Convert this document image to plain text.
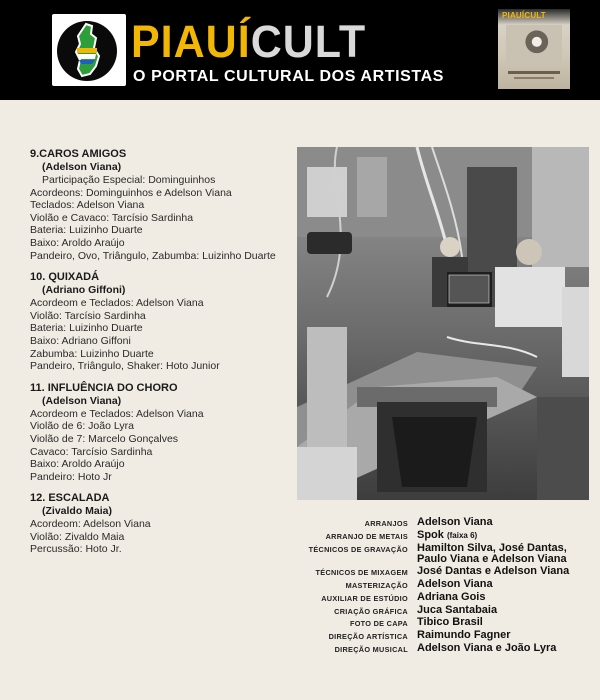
PIAUÍCULT
O PORTAL CULTURAL DOS ARTISTAS
PIAUÍCULT
9.CAROS AMIGOS
(Adelson Viana)
Participação Especial: Dominguinhos
Acordeons: Dominguinhos e Adelson Viana
Teclados: Adelson Viana
Violão e Cavaco: Tarcísio Sardinha
Bateria: Luizinho Duarte
Baixo: Aroldo Araújo
Pandeiro, Ovo, Triângulo, Zabumba: Luizinho Duarte
10. QUIXADÁ
(Adriano Giffoni)
Acordeom e Teclados: Adelson Viana
Violão: Tarcísio Sardinha
Bateria: Luizinho Duarte
Baixo: Adriano Giffoni
Zabumba: Luizinho Duarte
Pandeiro, Triângulo, Shaker: Hoto Junior
11. INFLUÊNCIA DO CHORO
(Adelson Viana)
Acordeom e Teclados: Adelson Viana
Violão de 6: João Lyra
Violão de 7: Marcelo Gonçalves
Cavaco: Tarcísio Sardinha
Baixo: Aroldo Araújo
Pandeiro: Hoto Jr
12. ESCALADA
(Zivaldo Maia)
Acordeom: Adelson Viana
Violão: Zivaldo Maia
Percussão: Hoto Jr.
ARRANJOS Adelson Viana
ARRANJO DE METAIS Spok (faixa 6)
TÉCNICOS DE GRAVAÇÃO Hamilton Silva, José Dantas, Paulo Viana e Adelson Viana
TÉCNICOS DE MIXAGEM José Dantas e Adelson Viana
MASTERIZAÇÃO Adelson Viana
AUXILIAR DE ESTÚDIO Adriana Gois
CRIAÇÃO GRÁFICA Juca Santabaia
FOTO DE CAPA Tibico Brasil
DIREÇÃO ARTÍSTICA Raimundo Fagner
DIREÇÃO MUSICAL Adelson Viana e João Lyra
